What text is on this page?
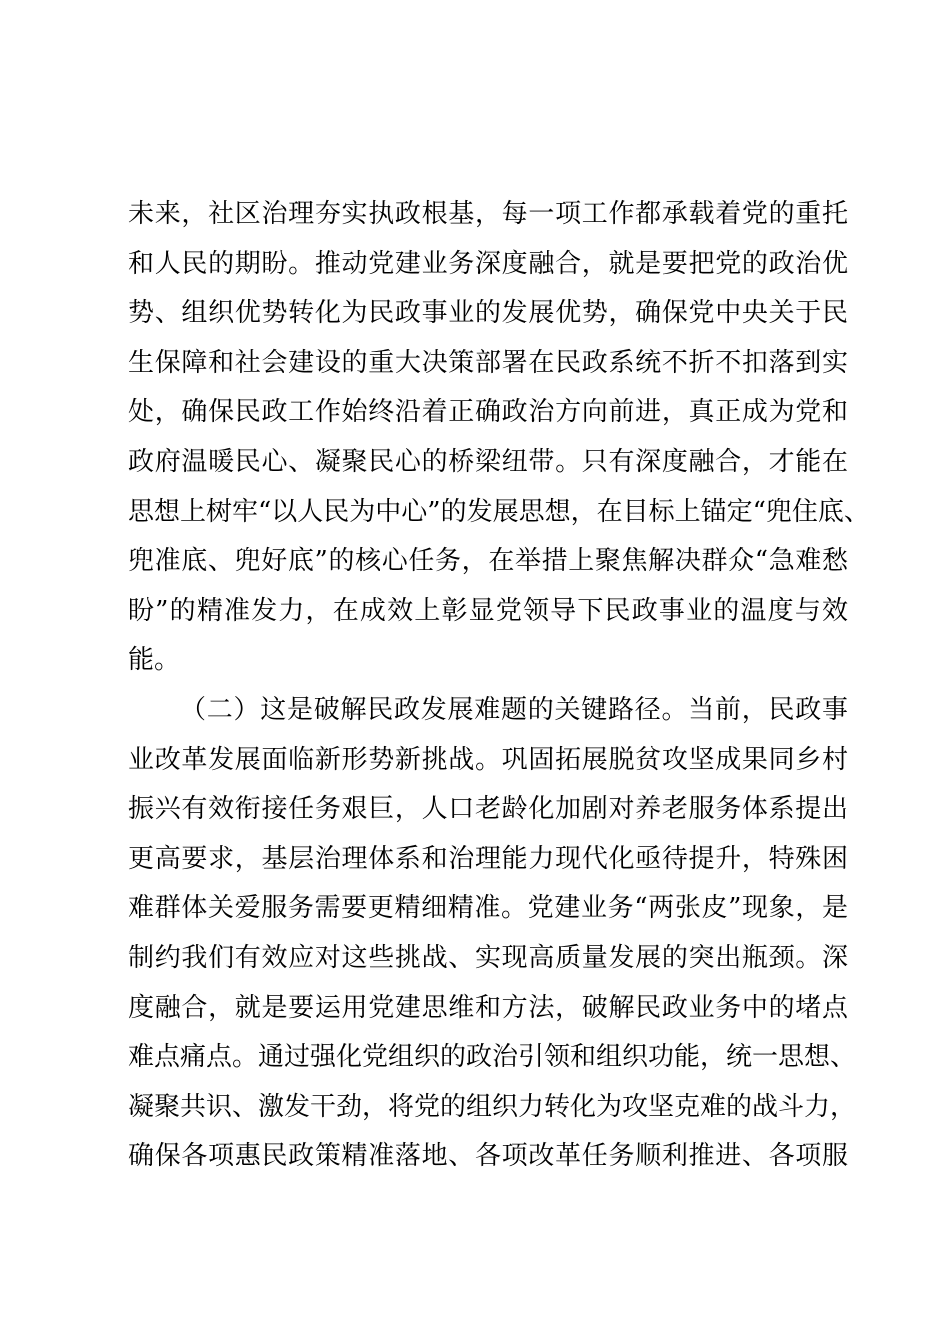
未来，社区治理夯实执政根基，每一项工作都承载着党的重托
和人民的期盼。推动党建业务深度融合，就是要把党的政治优
势、组织优势转化为民政事业的发展优势，确保党中央关于民
生保障和社会建设的重大决策部署在民政系统不折不扣落到实
处，确保民政工作始终沿着正确政治方向前进，真正成为党和
政府温暖民心、凝聚民心的桥梁纽带。只有深度融合，才能在
思想上树牢“以人民为中心”的发展思想，在目标上锚定“兜住底、
兜准底、兜好底”的核心任务，在举措上聚焦解决群众“急难愁
盼”的精准发力，在成效上彰显党领导下民政事业的温度与效
能。
（二）这是破解民政发展难题的关键路径。当前，民政事
业改革发展面临新形势新挑战。巩固拓展脱贫攻坚成果同乡村
振兴有效衔接任务艰巨，人口老龄化加剧对养老服务体系提出
更高要求，基层治理体系和治理能力现代化亟待提升，特殊困
难群体关爱服务需要更精细精准。党建业务“两张皮”现象，是
制约我们有效应对这些挑战、实现高质量发展的突出瓶颈。深
度融合，就是要运用党建思维和方法，破解民政业务中的堵点
难点痛点。通过强化党组织的政治引领和组织功能，统一思想、
凝聚共识、激发干劲，将党的组织力转化为攻坚克难的战斗力，
确保各项惠民政策精准落地、各项改革任务顺利推进、各项服
